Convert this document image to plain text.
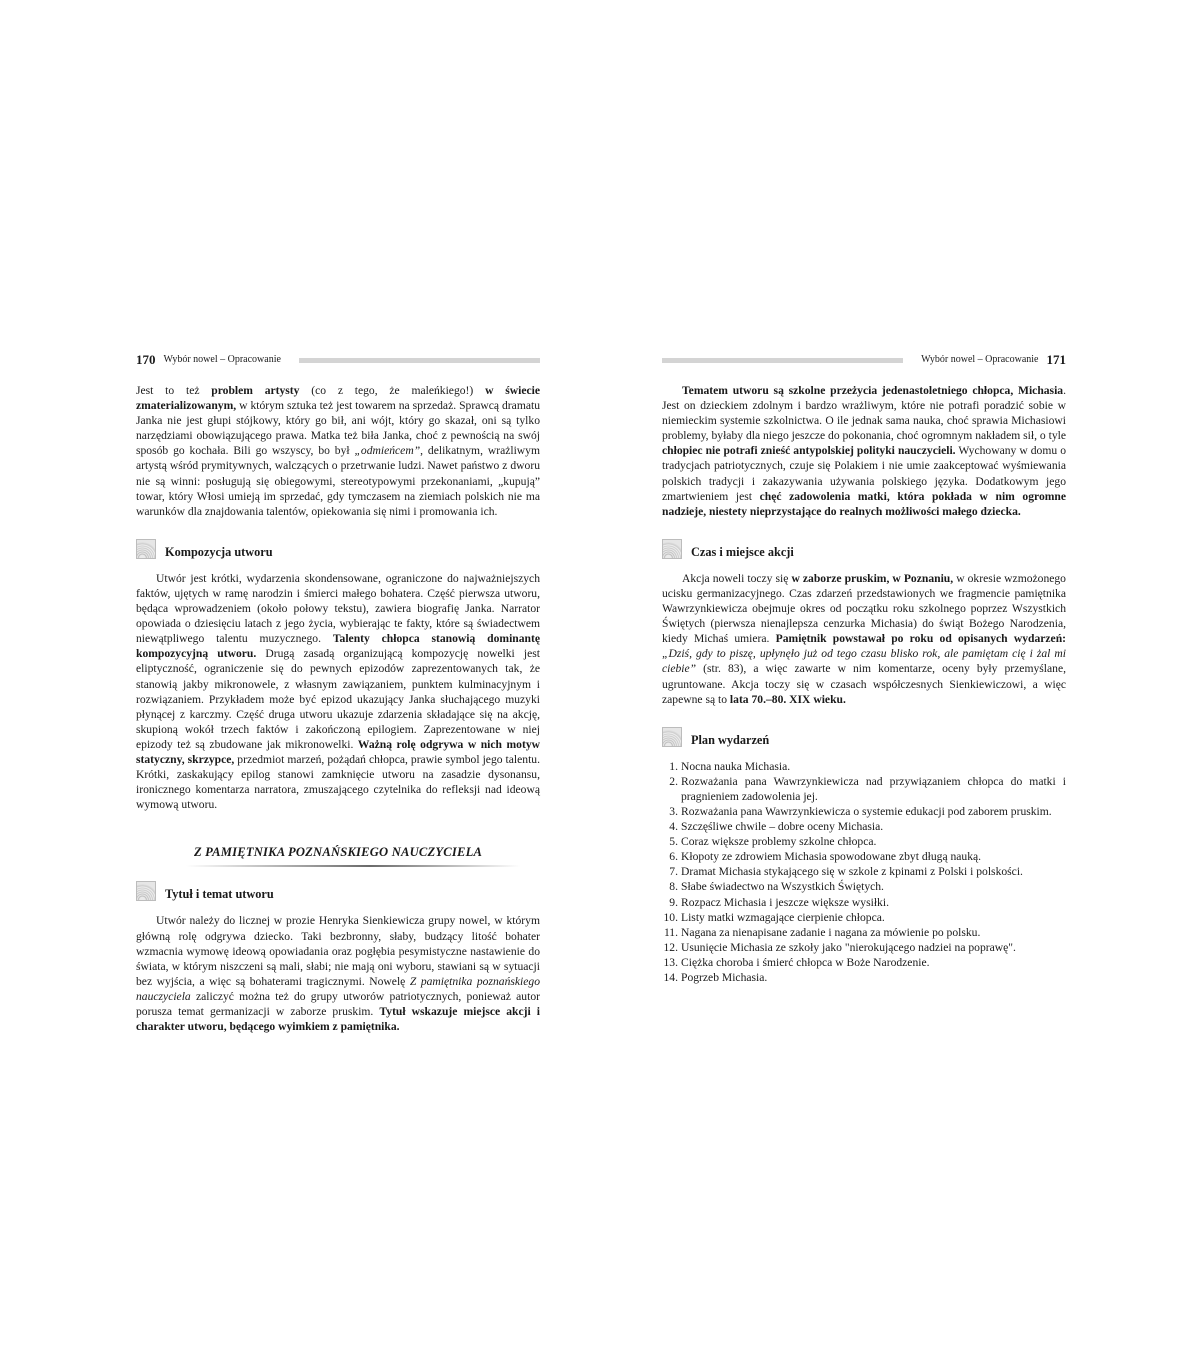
170 Wybór nowel – Opracowanie

Jest to też problem artysty (co z tego, że maleńkiego!) w świecie zmaterializowanym, w którym sztuka też jest towarem na sprzedaż. Sprawcą dramatu Janka nie jest głupi stójkowy, który go bił, ani wójt, który go skazał, oni są tylko narzędziami obowiązującego prawa. Matka też biła Janka, choć z pewnością na swój sposób go kochała. Bili go wszyscy, bo był „odmieńcem”, delikatnym, wrażliwym artystą wśród prymitywnych, walczących o przetrwanie ludzi. Nawet państwo z dworu nie są winni: posługują się obiegowymi, stereotypowymi przekonaniami, „kupują” towar, który Włosi umieją im sprzedać, gdy tymczasem na ziemiach polskich nie ma warunków dla znajdowania talentów, opiekowania się nimi i promowania ich.

Kompozycja utworu

Utwór jest krótki, wydarzenia skondensowane, ograniczone do najważniejszych faktów, ujętych w ramę narodzin i śmierci małego bohatera. Część pierwsza utworu, będąca wprowadzeniem (około połowy tekstu), zawiera biografię Janka. Narrator opowiada o dziesięciu latach z jego życia, wybierając te fakty, które są świadectwem niewątpliwego talentu muzycznego. Talenty chłopca stanowią dominantę kompozycyjną utworu. Drugą zasadą organizującą kompozycję nowelki jest eliptyczność, ograniczenie się do pewnych epizodów zaprezentowanych tak, że stanowią jakby mikronowele, z własnym zawiązaniem, punktem kulminacyjnym i rozwiązaniem. Przykładem może być epizod ukazujący Janka słuchającego muzyki płynącej z karczmy. Część druga utworu ukazuje zdarzenia składające się na akcję, skupioną wokół trzech faktów i zakończoną epilogiem. Zaprezentowane w niej epizody też są zbudowane jak mikronowelki. Ważną rolę odgrywa w nich motyw statyczny, skrzypce, przedmiot marzeń, pożądań chłopca, prawie symbol jego talentu. Krótki, zaskakujący epilog stanowi zamknięcie utworu na zasadzie dysonansu, ironicznego komentarza narratora, zmuszającego czytelnika do refleksji nad ideową wymową utworu.

Z PAMIĘTNIKA POZNAŃSKIEGO NAUCZYCIELA
Tytuł i temat utworu

Utwór należy do licznej w prozie Henryka Sienkiewicza grupy nowel, w którym główną rolę odgrywa dziecko. Taki bezbronny, słaby, budzący litość bohater wzmacnia wymowę ideową opowiadania oraz pogłębia pesymistyczne nastawienie do świata, w którym niszczeni są mali, słabi; nie mają oni wyboru, stawiani są w sytuacji bez wyjścia, a więc są bohaterami tragicznymi. Nowelę Z pamiętnika poznańskiego nauczyciela zaliczyć można też do grupy utworów patriotycznych, ponieważ autor porusza temat germanizacji w zaborze pruskim. Tytuł wskazuje miejsce akcji i charakter utworu, będącego wyimkiem z pamiętnika.

Wybór nowel – Opracowanie 171

Tematem utworu są szkolne przeżycia jedenastoletniego chłopca, Michasia. Jest on dzieckiem zdolnym i bardzo wrażliwym, które nie potrafi poradzić sobie w niemieckim systemie szkolnictwa. O ile jednak sama nauka, choć sprawia Michasiowi problemy, byłaby dla niego jeszcze do pokonania, choć ogromnym nakładem sił, o tyle chłopiec nie potrafi znieść antypolskiej polityki nauczycieli. Wychowany w domu o tradycjach patriotycznych, czuje się Polakiem i nie umie zaakceptować wyśmiewania polskich tradycji i zakazywania używania polskiego języka. Dodatkowym jego zmartwieniem jest chęć zadowolenia matki, która pokłada w nim ogromne nadzieje, niestety nieprzystające do realnych możliwości małego dziecka.

Czas i miejsce akcji

Akcja noweli toczy się w zaborze pruskim, w Poznaniu, w okresie wzmożonego ucisku germanizacyjnego. Czas zdarzeń przedstawionych we fragmencie pamiętnika Wawrzynkiewicza obejmuje okres od początku roku szkolnego poprzez Wszystkich Świętych (pierwsza nienajlepsza cenzurka Michasia) do świąt Bożego Narodzenia, kiedy Michaś umiera. Pamiętnik powstawał po roku od opisanych wydarzeń: „Dziś, gdy to piszę, upłynęło już od tego czasu blisko rok, ale pamiętam cię i żal mi ciebie” (str. 83), a więc zawarte w nim komentarze, oceny były przemyślane, ugruntowane. Akcja toczy się w czasach współczesnych Sienkiewiczowi, a więc zapewne są to lata 70.–80. XIX wieku.

Plan wydarzeń
1. Nocna nauka Michasia.
2. Rozważania pana Wawrzynkiewicza nad przywiązaniem chłopca do matki i pragnieniem zadowolenia jej.
3. Rozważania pana Wawrzynkiewicza o systemie edukacji pod zaborem pruskim.
4. Szczęśliwe chwile – dobre oceny Michasia.
5. Coraz większe problemy szkolne chłopca.
6. Kłopoty ze zdrowiem Michasia spowodowane zbyt długą nauką.
7. Dramat Michasia stykającego się w szkole z kpinami z Polski i polskości.
8. Słabe świadectwo na Wszystkich Świętych.
9. Rozpacz Michasia i jeszcze większe wysiłki.
10. Listy matki wzmagające cierpienie chłopca.
11. Nagana za nienapisane zadanie i nagana za mówienie po polsku.
12. Usunięcie Michasia ze szkoły jako "nierokującego nadziei na poprawę".
13. Ciężka choroba i śmierć chłopca w Boże Narodzenie.
14. Pogrzeb Michasia.
